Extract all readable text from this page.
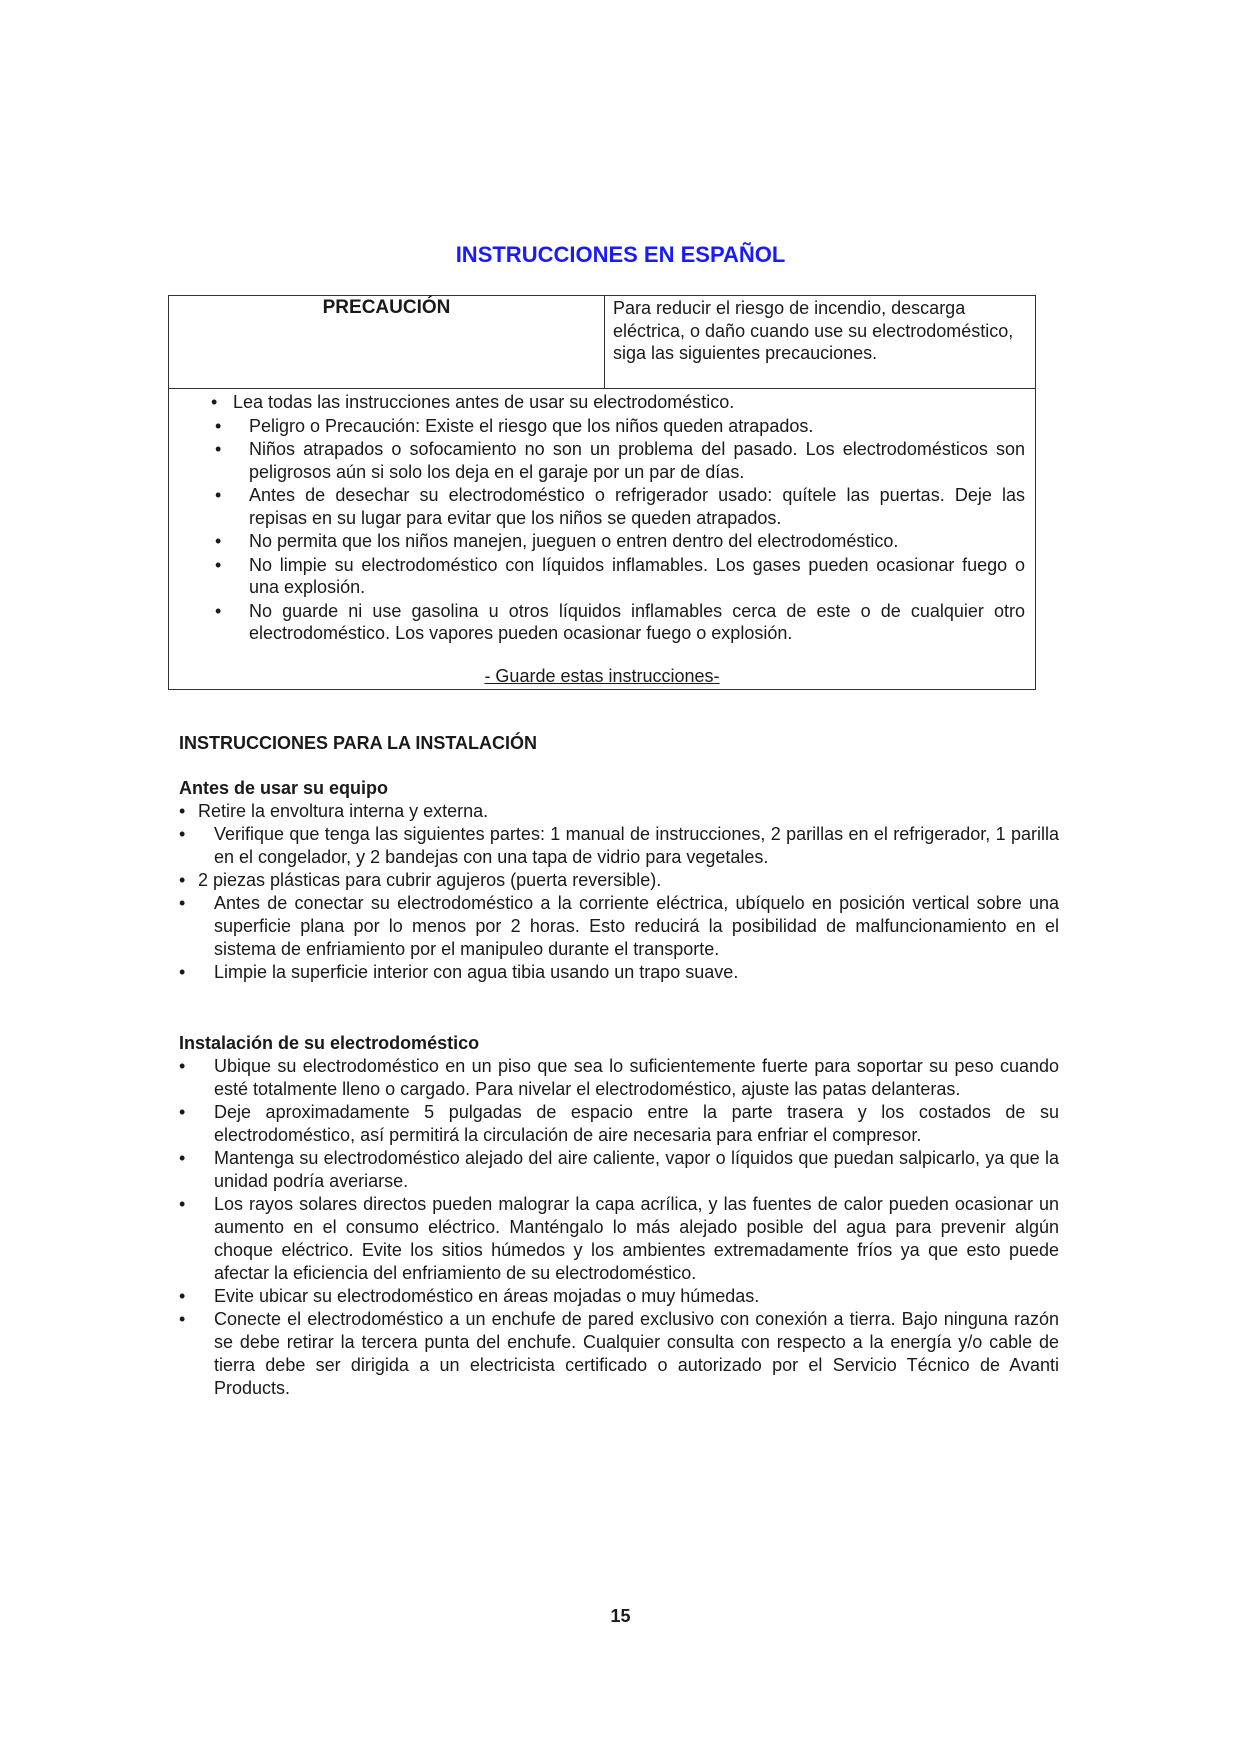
INSTRUCCIONES EN ESPAÑOL
PRECAUCIÓN	Para reducir el riesgo de incendio, descarga eléctrica, o daño cuando use su electrodoméstico, siga las siguientes precauciones.
• Lea todas las instrucciones antes de usar su electrodoméstico.
• Peligro o Precaución: Existe el riesgo que los niños queden atrapados.
• Niños atrapados o sofocamiento no son un problema del pasado. Los electrodomésticos son peligrosos aún si solo los deja en el garaje por un par de días.
• Antes de desechar su electrodoméstico o refrigerador usado: quítele las puertas. Deje las repisas en su lugar para evitar que los niños se queden atrapados.
• No permita que los niños manejen, jueguen o entren dentro del electrodoméstico.
• No limpie su electrodoméstico con líquidos inflamables. Los gases pueden ocasionar fuego o una explosión.
• No guarde ni use gasolina u otros líquidos inflamables cerca de este o de cualquier otro electrodoméstico. Los vapores pueden ocasionar fuego o explosión.
- Guarde estas instrucciones-
INSTRUCCIONES PARA LA INSTALACIÓN
Antes de usar su equipo
• Retire la envoltura interna y externa.
• Verifique que tenga las siguientes partes: 1 manual de instrucciones, 2 parillas en el refrigerador, 1 parilla en el congelador, y 2 bandejas con una tapa de vidrio para vegetales.
• 2 piezas plásticas para cubrir agujeros (puerta reversible).
• Antes de conectar su electrodoméstico a la corriente eléctrica, ubíquelo en posición vertical sobre una superficie plana por lo menos por 2 horas. Esto reducirá la posibilidad de malfuncionamiento en el sistema de enfriamiento por el manipuleo durante el transporte.
• Limpie la superficie interior con agua tibia usando un trapo suave.
Instalación de su electrodoméstico
• Ubique su electrodoméstico en un piso que sea lo suficientemente fuerte para soportar su peso cuando esté totalmente lleno o cargado. Para nivelar el electrodoméstico, ajuste las patas delanteras.
• Deje aproximadamente 5 pulgadas de espacio entre la parte trasera y los costados de su electrodoméstico, así permitirá la circulación de aire necesaria para enfriar el compresor.
• Mantenga su electrodoméstico alejado del aire caliente, vapor o líquidos que puedan salpicarlo, ya que la unidad podría averiarse.
• Los rayos solares directos pueden malograr la capa acrílica, y las fuentes de calor pueden ocasionar un aumento en el consumo eléctrico. Manténgalo lo más alejado posible del agua para prevenir algún choque eléctrico. Evite los sitios húmedos y los ambientes extremadamente fríos ya que esto puede afectar la eficiencia del enfriamiento de su electrodoméstico.
• Evite ubicar su electrodoméstico en áreas mojadas o muy húmedas.
• Conecte el electrodoméstico a un enchufe de pared exclusivo con conexión a tierra. Bajo ninguna razón se debe retirar la tercera punta del enchufe. Cualquier consulta con respecto a la energía y/o cable de tierra debe ser dirigida a un electricista certificado o autorizado por el Servicio Técnico de Avanti Products.
15
